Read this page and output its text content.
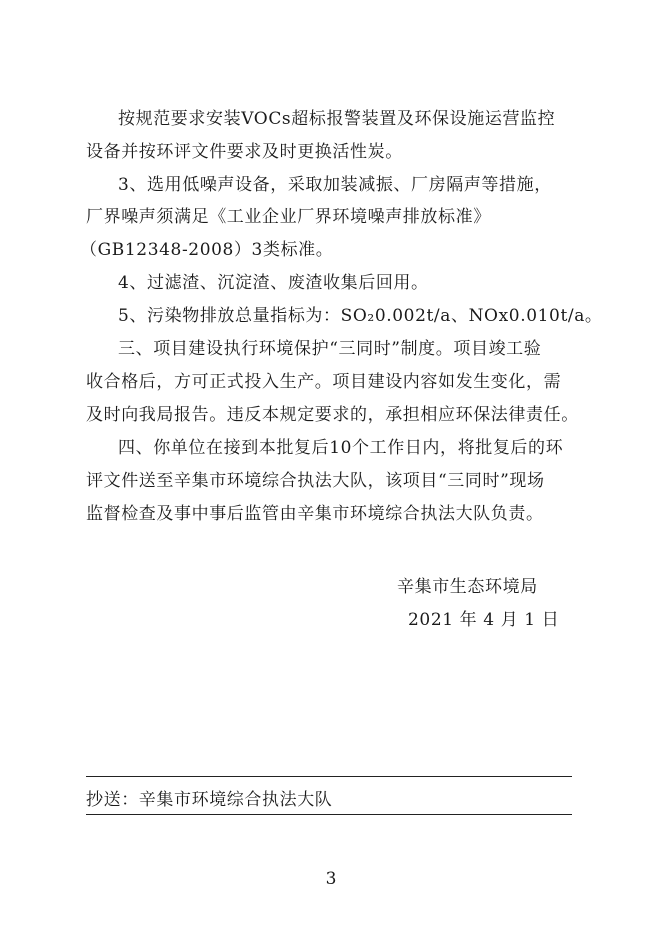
按规范要求安装VOCs超标报警装置及环保设施运营监控
设备并按环评文件要求及时更换活性炭。
3、选用低噪声设备，采取加装减振、厂房隔声等措施，
厂界噪声须满足《工业企业厂界环境噪声排放标准》
（GB12348-2008）3类标准。
4、过滤渣、沉淀渣、废渣收集后回用。
5、污染物排放总量指标为：SO₂0.002t/a、NOx0.010t/a。
三、项目建设执行环境保护“三同时”制度。项目竣工验
收合格后，方可正式投入生产。项目建设内容如发生变化，需
及时向我局报告。违反本规定要求的，承担相应环保法律责任。
四、你单位在接到本批复后10个工作日内，将批复后的环
评文件送至辛集市环境综合执法大队，该项目“三同时”现场
监督检查及事中事后监管由辛集市环境综合执法大队负责。
辛集市生态环境局
2021 年 4 月 1 日
抄送：辛集市环境综合执法大队
3
